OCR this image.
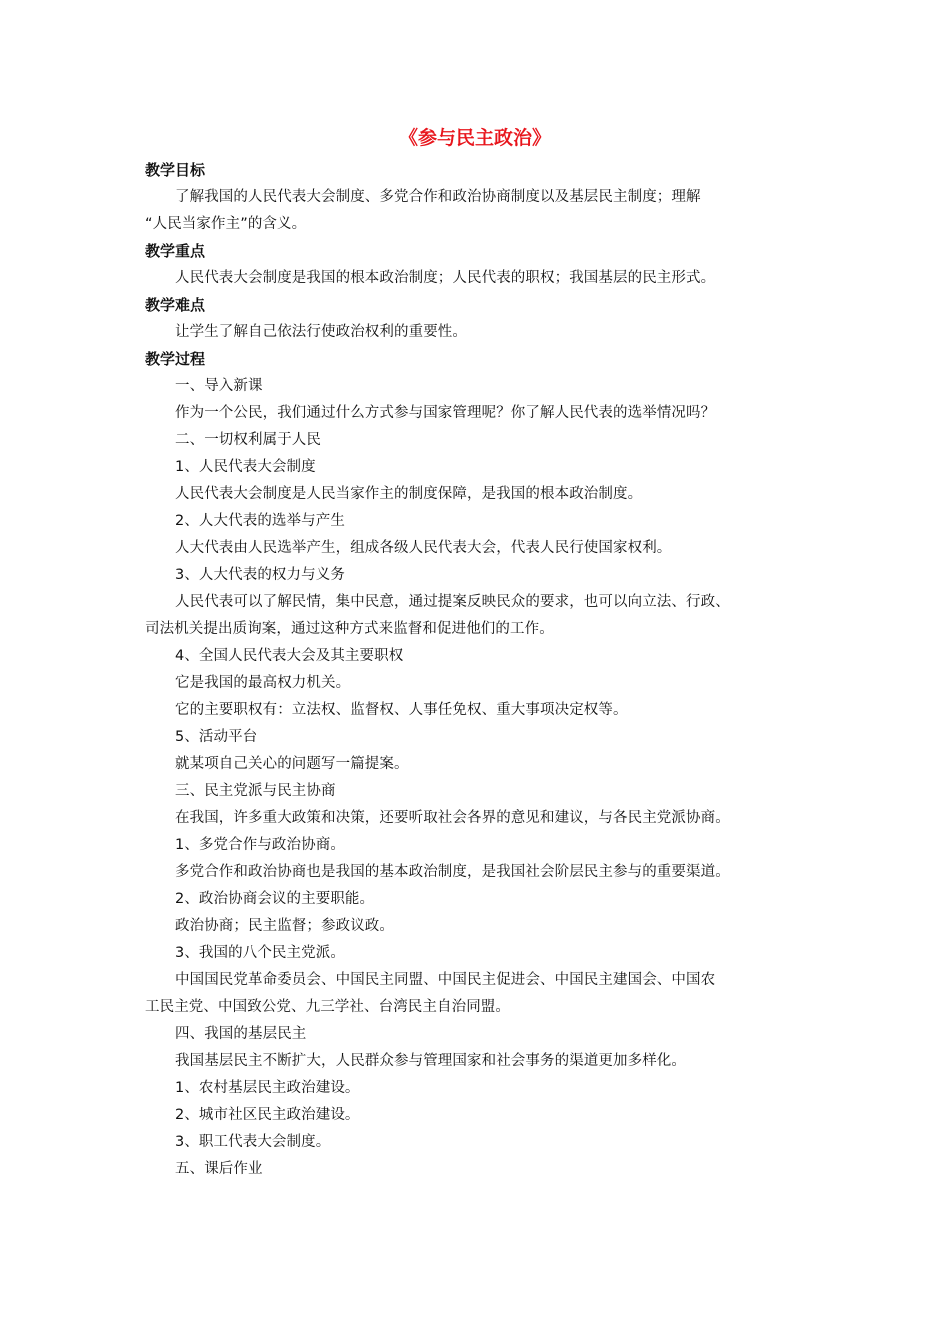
《参与民主政治》

教学目标

了解我国的人民代表大会制度、多党合作和政治协商制度以及基层民主制度；理解

“人民当家作主”的含义。

教学重点

人民代表大会制度是我国的根本政治制度；人民代表的职权；我国基层的民主形式。

教学难点

让学生了解自己依法行使政治权利的重要性。

教学过程

一、导入新课

作为一个公民，我们通过什么方式参与国家管理呢？你了解人民代表的选举情况吗？

二、一切权利属于人民

1、人民代表大会制度

人民代表大会制度是人民当家作主的制度保障，是我国的根本政治制度。

2、人大代表的选举与产生

人大代表由人民选举产生，组成各级人民代表大会，代表人民行使国家权利。

3、人大代表的权力与义务

人民代表可以了解民情，集中民意，通过提案反映民众的要求，也可以向立法、行政、

司法机关提出质询案，通过这种方式来监督和促进他们的工作。

4、全国人民代表大会及其主要职权

它是我国的最高权力机关。

它的主要职权有：立法权、监督权、人事任免权、重大事项决定权等。

5、活动平台

就某项自己关心的问题写一篇提案。

三、民主党派与民主协商

在我国，许多重大政策和决策，还要听取社会各界的意见和建议，与各民主党派协商。

1、多党合作与政治协商。

多党合作和政治协商也是我国的基本政治制度，是我国社会阶层民主参与的重要渠道。

2、政治协商会议的主要职能。

政治协商；民主监督；参政议政。

3、我国的八个民主党派。

中国国民党革命委员会、中国民主同盟、中国民主促进会、中国民主建国会、中国农

工民主党、中国致公党、九三学社、台湾民主自治同盟。

四、我国的基层民主

我国基层民主不断扩大，人民群众参与管理国家和社会事务的渠道更加多样化。

1、农村基层民主政治建设。

2、城市社区民主政治建设。

3、职工代表大会制度。

五、课后作业
